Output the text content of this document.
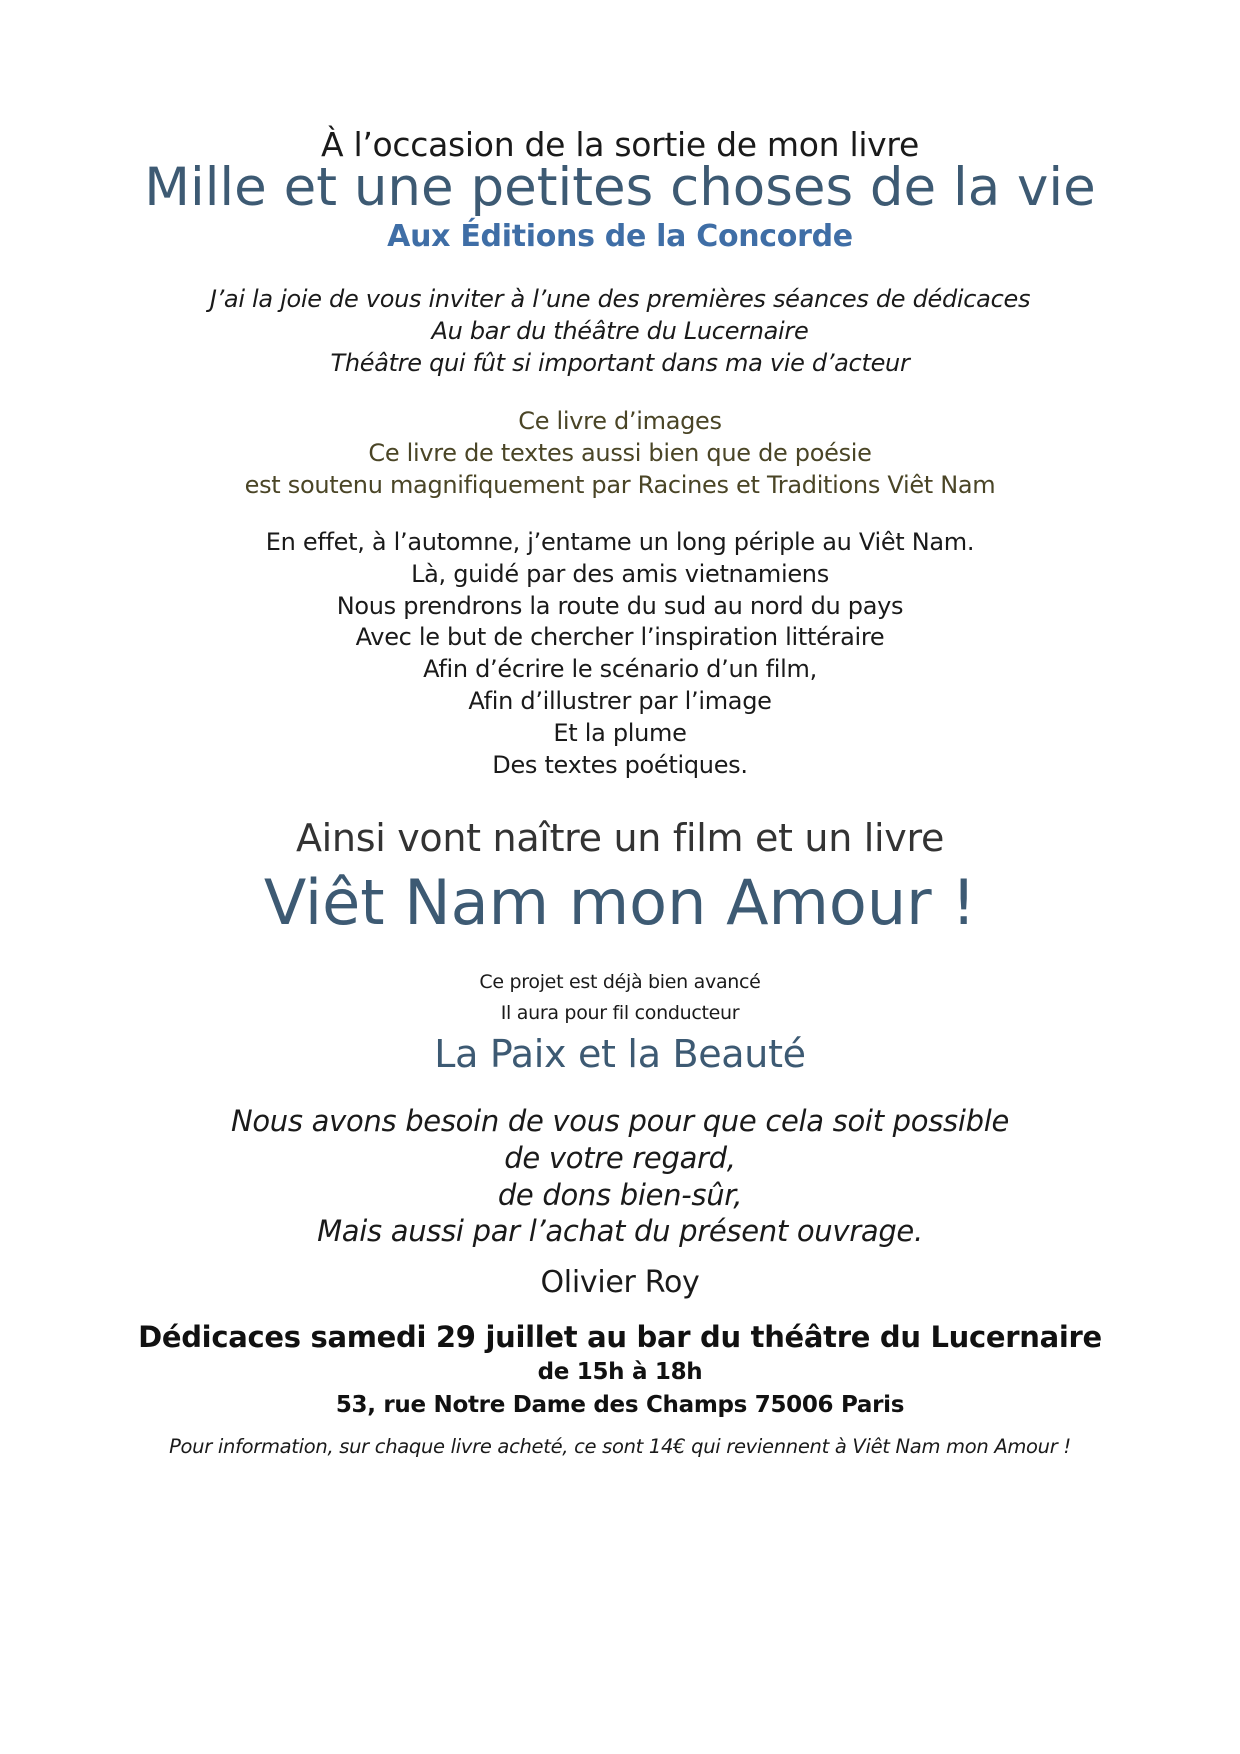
À l’occasion de la sortie de mon livre
Mille et une petites choses de la vie
Aux Éditions de la Concorde
J’ai la joie de vous inviter à l’une des premières séances de dédicaces
Au bar du théâtre du Lucernaire
Théâtre qui fût si important dans ma vie d’acteur
Ce livre d’images
Ce livre de textes aussi bien que de poésie
est soutenu magnifiquement par Racines et Traditions Viêt Nam
En effet, à l’automne, j’entame un long périple au Viêt Nam.
Là, guidé par des amis vietnamiens
Nous prendrons la route du sud au nord du pays
Avec le but de chercher l’inspiration littéraire
Afin d’écrire le scénario d’un film,
Afin d’illustrer par l’image
Et la plume
Des textes poétiques.
Ainsi vont naître un film et un livre
Viêt Nam mon Amour !
Ce projet est déjà bien avancé
Il aura pour fil conducteur
La Paix et la Beauté
Nous avons besoin de vous pour que cela soit possible
de votre regard,
de dons bien-sûr,
Mais aussi par l’achat du présent ouvrage.
Olivier Roy
Dédicaces samedi 29 juillet au bar du théâtre du Lucernaire
de 15h à 18h
53, rue Notre Dame des Champs 75006 Paris
Pour information, sur chaque livre acheté, ce sont 14€ qui reviennent à Viêt Nam mon Amour !
